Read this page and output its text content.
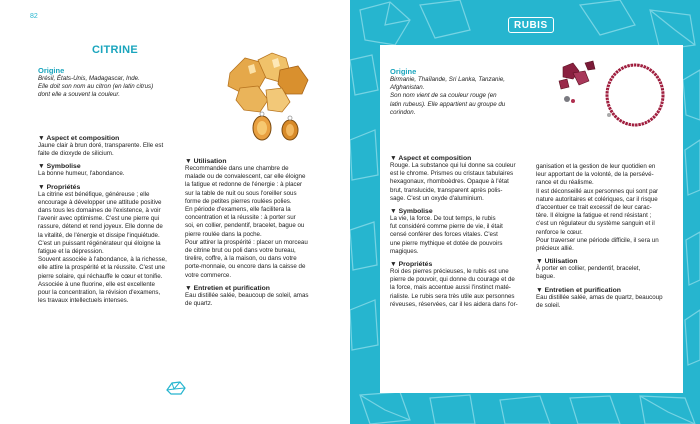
82
CITRINE
Origine
Brésil, États-Unis, Madagascar, Inde.
Elle doit son nom au citron (en latin citrus)
dont elle a souvent la couleur.
▼ Aspect et composition
Jaune clair à brun doré, transparente. Elle est
faite de dioxyde de silicium.
▼ Symbolise
La bonne humeur, l'abondance.
▼ Propriétés
La citrine est bénéfique, généreuse ; elle
encourage à développer une attitude positive
dans tous les domaines de l'existence, à voir
l'avenir avec optimisme. C'est une pierre qui
rassure, détend et rend joyeux. Elle donne de
la vitalité, de l'énergie et dissipe l'inquiétude.
C'est un puissant régénérateur qui éloigne la
fatigue et la dépression.
Souvent associée à l'abondance, à la richesse,
elle attire la prospérité et la réussite. C'est une
pierre solaire, qui réchauffe le cœur et tonifie.
Associée à une fluorine, elle est excellente
pour la concentration, la révision d'examens,
les travaux intellectuels intenses.
▼ Utilisation
Recommandée dans une chambre de
malade ou de convalescent, car elle éloigne
la fatigue et redonne de l'énergie : à placer
sur la table de nuit ou sous l'oreiller sous
forme de petites pierres roulées polies.
En période d'examens, elle facilitera la
concentration et la réussite : à porter sur
soi, en collier, pendentif, bracelet, bague ou
pierre roulée dans la poche.
Pour attirer la prospérité : placer un morceau
de citrine brut ou poli dans votre bureau,
tirelire, coffre, à la maison, ou dans votre
porte-monnaie, ou encore dans la caisse de
votre commerce.
▼ Entretien et purification
Eau distillée salée, beaucoup de soleil, amas
de quartz.
RUBIS
Origine
Birmanie, Thaïlande, Sri Lanka, Tanzanie,
Afghanistan.
Son nom vient de sa couleur rouge (en
latin rubeus). Elle appartient au groupe du
corindon.
▼ Aspect et composition
Rouge. La substance qui lui donne sa couleur
est le chrome. Prismes ou cristaux tabulaires
hexagonaux, rhomboèdres. Opaque à l'état
brut, translucide, transparent après polis-
sage. C'est un oxyde d'aluminium.
▼ Symbolise
La vie, la force. De tout temps, le rubis
fut considéré comme pierre de vie, il était
censé conférer des forces vitales. C'est
une pierre mythique et dotée de pouvoirs
magiques.
▼ Propriétés
Roi des pierres précieuses, le rubis est une
pierre de pouvoir, qui donne du courage et de
la force, mais accentue aussi l'instinct maté-
rialiste. Le rubis sera très utile aux personnes
réveuses, réservées, car il les aidera dans l'or-
ganisation et la gestion de leur quotidien en
leur apportant de la volonté, de la persévé-
rance et du réalisme.
Il est déconseillé aux personnes qui sont par
nature autoritaires et colériques, car il risque
d'accentuer ce trait excessif de leur carac-
tère. Il éloigne la fatigue et rend résistant ;
c'est un régulateur du système sanguin et il
renforce le cœur.
Pour traverser une période difficile, il sera un
précieux allié.
▼ Utilisation
À porter en collier, pendentif, bracelet,
bague.
▼ Entretien et purification
Eau distillée salée, amas de quartz, beaucoup
de soleil.
